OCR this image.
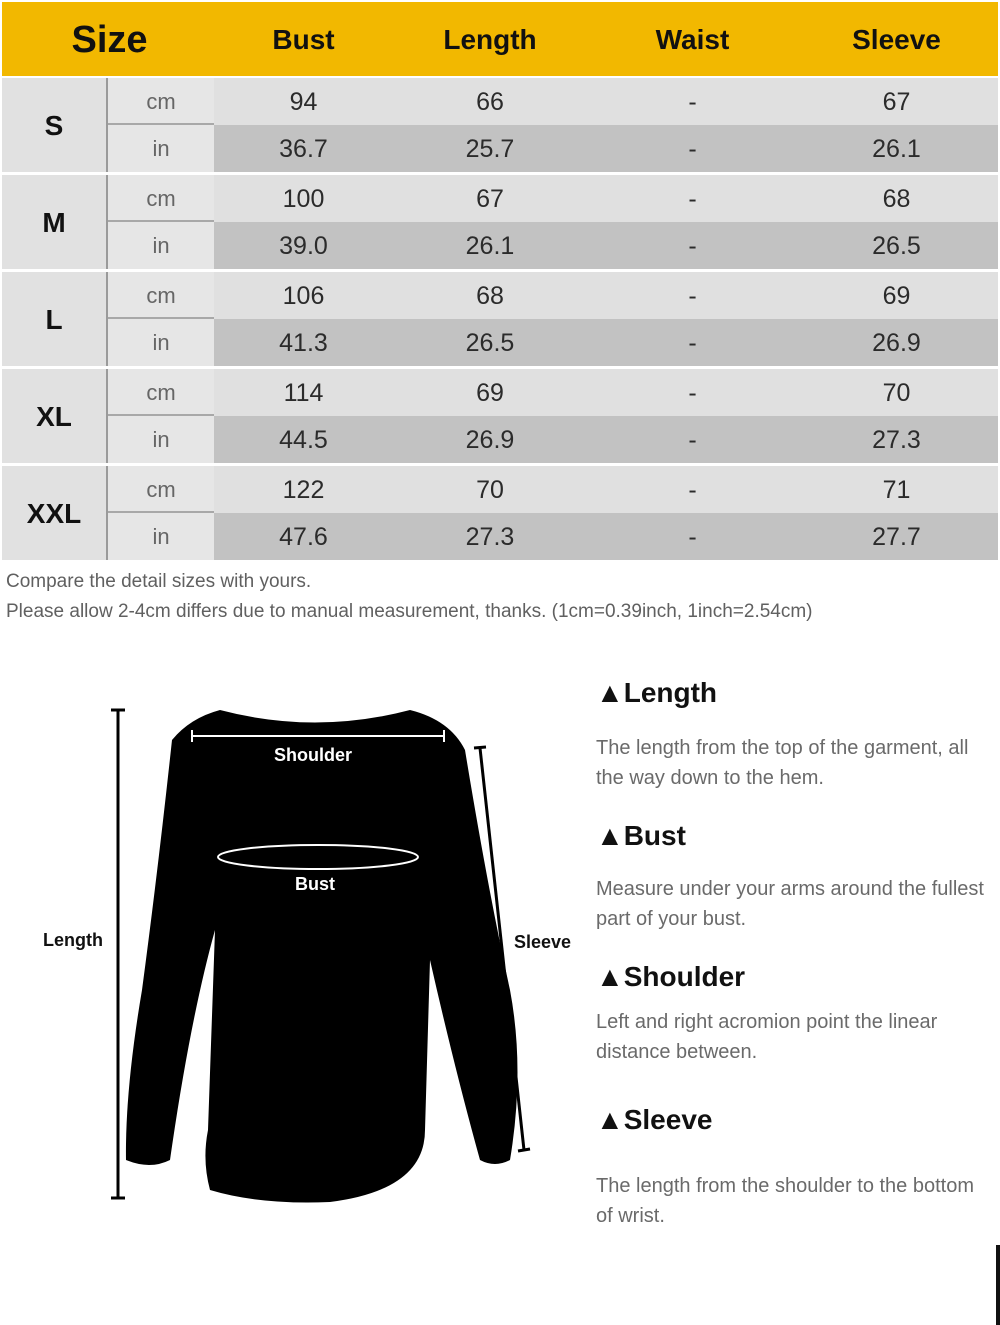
Size	Bust	Length	Waist	Sleeve
S
cm	94	66	-	67
in	36.7	25.7	-	26.1
M
cm	100	67	-	68
in	39.0	26.1	-	26.5
L
cm	106	68	-	69
in	41.3	26.5	-	26.9
XL
cm	114	69	-	70
in	44.5	26.9	-	27.3
XXL
cm	122	70	-	71
in	47.6	27.3	-	27.7
Compare the detail sizes with yours.
Please allow 2-4cm differs due to manual measurement, thanks. (1cm=0.39inch, 1inch=2.54cm)
Shoulder
Bust
Length	Sleeve
▲Length

The length from the top of the garment, all the way down to the hem.

▲Bust

Measure under your arms around the fullest part of your bust.

▲Shoulder

Left and right acromion point the linear distance between.

▲Sleeve

The length from the shoulder to the bottom of wrist.
